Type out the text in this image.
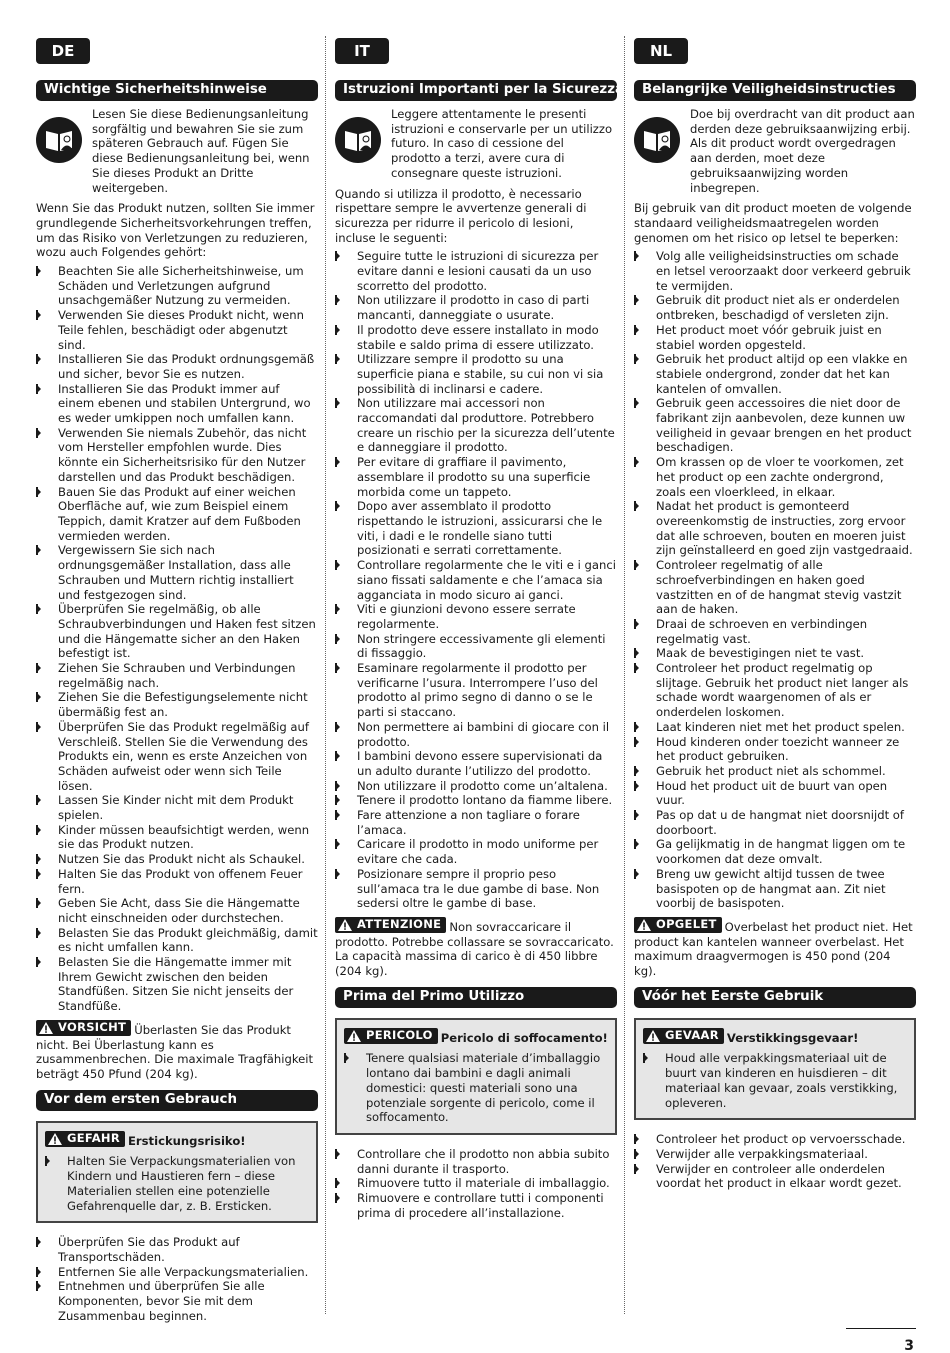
DE
Wichtige Sicherheitshinweise
Lesen Sie diese Bedienungsanleitung sorgfältig und bewahren Sie sie zum späteren Gebrauch auf. Fügen Sie diese Bedienungsanleitung bei, wenn Sie dieses Produkt an Dritte weitergeben.
Wenn Sie das Produkt nutzen, sollten Sie immer grundlegende Sicherheitsvorkehrungen treffen, um das Risiko von Verletzungen zu reduzieren, wozu auch Folgendes gehört:
Beachten Sie alle Sicherheitshinweise, um Schäden und Verletzungen aufgrund unsachgemäßer Nutzung zu vermeiden.
Verwenden Sie dieses Produkt nicht, wenn Teile fehlen, beschädigt oder abgenutzt sind.
Installieren Sie das Produkt ordnungsgemäß und sicher, bevor Sie es nutzen.
Installieren Sie das Produkt immer auf einem ebenen und stabilen Untergrund, wo es weder umkippen noch umfallen kann.
Verwenden Sie niemals Zubehör, das nicht vom Hersteller empfohlen wurde. Dies könnte ein Sicherheitsrisiko für den Nutzer darstellen und das Produkt beschädigen.
Bauen Sie das Produkt auf einer weichen Oberfläche auf, wie zum Beispiel einem Teppich, damit Kratzer auf dem Fußboden vermieden werden.
Vergewissern Sie sich nach ordnungsgemäßer Installation, dass alle Schrauben und Muttern richtig installiert und festgezogen sind.
Überprüfen Sie regelmäßig, ob alle Schraubverbindungen und Haken fest sitzen und die Hängematte sicher an den Haken befestigt ist.
Ziehen Sie Schrauben und Verbindungen regelmäßig nach.
Ziehen Sie die Befestigungselemente nicht übermäßig fest an.
Überprüfen Sie das Produkt regelmäßig auf Verschleiß. Stellen Sie die Verwendung des Produkts ein, wenn es erste Anzeichen von Schäden aufweist oder wenn sich Teile lösen.
Lassen Sie Kinder nicht mit dem Produkt spielen.
Kinder müssen beaufsichtigt werden, wenn sie das Produkt nutzen.
Nutzen Sie das Produkt nicht als Schaukel.
Halten Sie das Produkt von offenem Feuer fern.
Geben Sie Acht, dass Sie die Hängematte nicht einschneiden oder durchstechen.
Belasten Sie das Produkt gleichmäßig, damit es nicht umfallen kann.
Belasten Sie die Hängematte immer mit Ihrem Gewicht zwischen den beiden Standfüßen. Sitzen Sie nicht jenseits der Standfüße.
VORSICHT Überlasten Sie das Produkt nicht. Bei Überlastung kann es zusammenbrechen. Die maximale Tragfähigkeit beträgt 450 Pfund (204 kg).
Vor dem ersten Gebrauch
GEFAHR Erstickungsrisiko!
Halten Sie Verpackungsmaterialien von Kindern und Haustieren fern – diese Materialien stellen eine potenzielle Gefahrenquelle dar, z. B. Ersticken.
Überprüfen Sie das Produkt auf Transportschäden.
Entfernen Sie alle Verpackungsmaterialien.
Entnehmen und überprüfen Sie alle Komponenten, bevor Sie mit dem Zusammenbau beginnen.
IT
Istruzioni Importanti per la Sicurezza
Leggere attentamente le presenti istruzioni e conservarle per un utilizzo futuro. In caso di cessione del prodotto a terzi, avere cura di consegnare queste istruzioni.
Quando si utilizza il prodotto, è necessario rispettare sempre le avvertenze generali di sicurezza per ridurre il pericolo di lesioni, incluse le seguenti:
Seguire tutte le istruzioni di sicurezza per evitare danni e lesioni causati da un uso scorretto del prodotto.
Non utilizzare il prodotto in caso di parti mancanti, danneggiate o usurate.
Il prodotto deve essere installato in modo stabile e saldo prima di essere utilizzato.
Utilizzare sempre il prodotto su una superficie piana e stabile, su cui non vi sia possibilità di inclinarsi e cadere.
Non utilizzare mai accessori non raccomandati dal produttore. Potrebbero creare un rischio per la sicurezza dell’utente e danneggiare il prodotto.
Per evitare di graffiare il pavimento, assemblare il prodotto su una superficie morbida come un tappeto.
Dopo aver assemblato il prodotto rispettando le istruzioni, assicurarsi che le viti, i dadi e le rondelle siano tutti posizionati e serrati correttamente.
Controllare regolarmente che le viti e i ganci siano fissati saldamente e che l’amaca sia agganciata in modo sicuro ai ganci.
Viti e giunzioni devono essere serrate regolarmente.
Non stringere eccessivamente gli elementi di fissaggio.
Esaminare regolarmente il prodotto per verificarne l’usura. Interrompere l’uso del prodotto al primo segno di danno o se le parti si staccano.
Non permettere ai bambini di giocare con il prodotto.
I bambini devono essere supervisionati da un adulto durante l’utilizzo del prodotto.
Non utilizzare il prodotto come un’altalena.
Tenere il prodotto lontano da fiamme libere.
Fare attenzione a non tagliare o forare l’amaca.
Caricare il prodotto in modo uniforme per evitare che cada.
Posizionare sempre il proprio peso sull’amaca tra le due gambe di base. Non sedersi oltre le gambe di base.
ATTENZIONE Non sovraccaricare il prodotto. Potrebbe collassare se sovraccaricato. La capacità massima di carico è di 450 libbre (204 kg).
Prima del Primo Utilizzo
PERICOLO Pericolo di soffocamento!
Tenere qualsiasi materiale d’imballaggio lontano dai bambini e dagli animali domestici: questi materiali sono una potenziale sorgente di pericolo, come il soffocamento.
Controllare che il prodotto non abbia subito danni durante il trasporto.
Rimuovere tutto il materiale di imballaggio.
Rimuovere e controllare tutti i componenti prima di procedere all’installazione.
NL
Belangrijke Veiligheidsinstructies
Doe bij overdracht van dit product aan derden deze gebruiksaanwijzing erbij. Als dit product wordt overgedragen aan derden, moet deze gebruiksaanwijzing worden inbegrepen.
Bij gebruik van dit product moeten de volgende standaard veiligheidsmaatregelen worden genomen om het risico op letsel te beperken:
Volg alle veiligheidsinstructies om schade en letsel veroorzaakt door verkeerd gebruik te vermijden.
Gebruik dit product niet als er onderdelen ontbreken, beschadigd of versleten zijn.
Het product moet vóór gebruik juist en stabiel worden opgesteld.
Gebruik het product altijd op een vlakke en stabiele ondergrond, zonder dat het kan kantelen of omvallen.
Gebruik geen accessoires die niet door de fabrikant zijn aanbevolen, deze kunnen uw veiligheid in gevaar brengen en het product beschadigen.
Om krassen op de vloer te voorkomen, zet het product op een zachte ondergrond, zoals een vloerkleed, in elkaar.
Nadat het product is gemonteerd overeenkomstig de instructies, zorg ervoor dat alle schroeven, bouten en moeren juist zijn geïnstalleerd en goed zijn vastgedraaid.
Controleer regelmatig of alle schroefverbindingen en haken goed vastzitten en of de hangmat stevig vastzit aan de haken.
Draai de schroeven en verbindingen regelmatig vast.
Maak de bevestigingen niet te vast.
Controleer het product regelmatig op slijtage. Gebruik het product niet langer als schade wordt waargenomen of als er onderdelen loskomen.
Laat kinderen niet met het product spelen.
Houd kinderen onder toezicht wanneer ze het product gebruiken.
Gebruik het product niet als schommel.
Houd het product uit de buurt van open vuur.
Pas op dat u de hangmat niet doorsnijdt of doorboort.
Ga gelijkmatig in de hangmat liggen om te voorkomen dat deze omvalt.
Breng uw gewicht altijd tussen de twee basispoten op de hangmat aan. Zit niet voorbij de basispoten.
OPGELET Overbelast het product niet. Het product kan kantelen wanneer overbelast. Het maximum draagvermogen is 450 pond (204 kg).
Vóór het Eerste Gebruik
GEVAAR Verstikkingsgevaar!
Houd alle verpakkingsmateriaal uit de buurt van kinderen en huisdieren – dit materiaal kan gevaar, zoals verstikking, opleveren.
Controleer het product op vervoersschade.
Verwijder alle verpakkingsmateriaal.
Verwijder en controleer alle onderdelen voordat het product in elkaar wordt gezet.
3
